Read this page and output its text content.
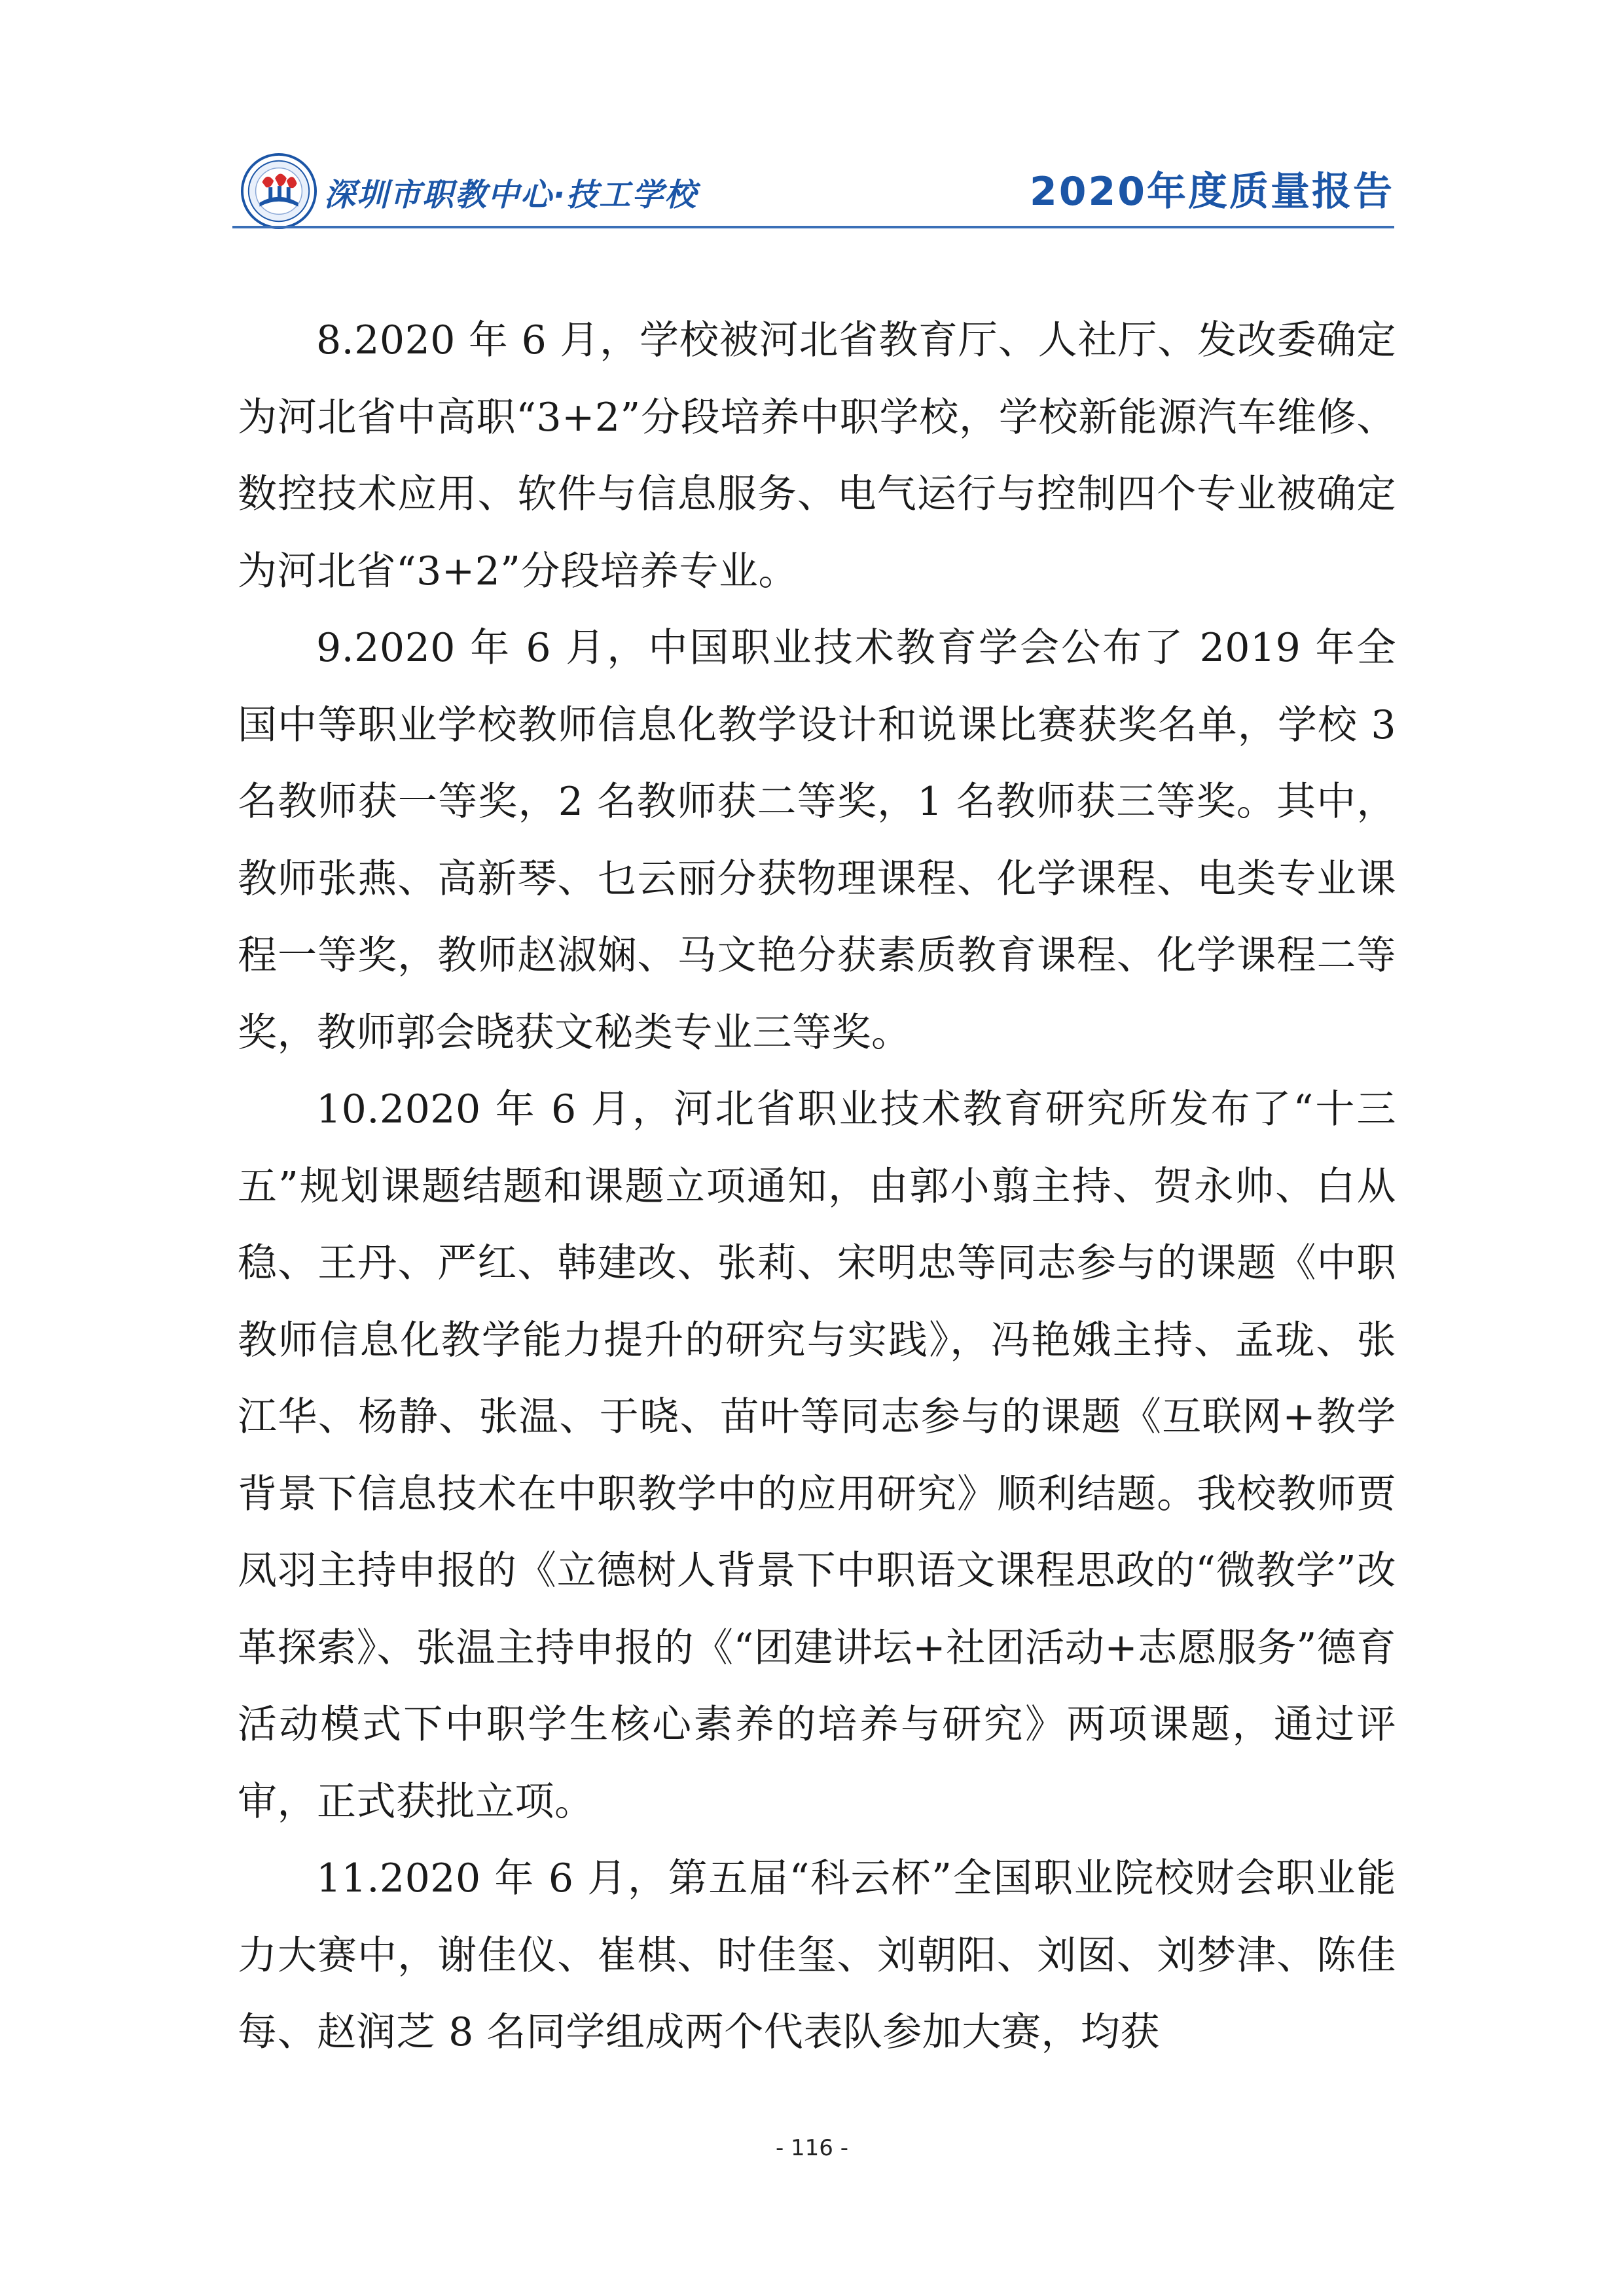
深圳市职教中心·技工学校	2020年度质量报告

8.2020 年 6 月，学校被河北省教育厅、人社厅、发改委确定为河北省中高职“3+2”分段培养中职学校，学校新能源汽车维修、数控技术应用、软件与信息服务、电气运行与控制四个专业被确定为河北省“3+2”分段培养专业。

9.2020 年 6 月，中国职业技术教育学会公布了 2019 年全国中等职业学校教师信息化教学设计和说课比赛获奖名单，学校 3 名教师获一等奖，2 名教师获二等奖，1 名教师获三等奖。其中，教师张燕、高新琴、乜云丽分获物理课程、化学课程、电类专业课程一等奖，教师赵淑娴、马文艳分获素质教育课程、化学课程二等奖，教师郭会晓获文秘类专业三等奖。

10.2020 年 6 月，河北省职业技术教育研究所发布了“十三五”规划课题结题和课题立项通知，由郭小翦主持、贺永帅、白从稳、王丹、严红、韩建改、张莉、宋明忠等同志参与的课题《中职教师信息化教学能力提升的研究与实践》，冯艳娥主持、孟珑、张江华、杨静、张温、于晓、苗叶等同志参与的课题《互联网+教学背景下信息技术在中职教学中的应用研究》顺利结题。我校教师贾凤羽主持申报的《立德树人背景下中职语文课程思政的“微教学”改革探索》、张温主持申报的《“团建讲坛+社团活动+志愿服务”德育活动模式下中职学生核心素养的培养与研究》两项课题，通过评审，正式获批立项。

11.2020 年 6 月，第五届“科云杯”全国职业院校财会职业能力大赛中，谢佳仪、崔棋、时佳玺、刘朝阳、刘囡、刘梦津、陈佳每、赵润芝 8 名同学组成两个代表队参加大赛，均获

- 116 -
